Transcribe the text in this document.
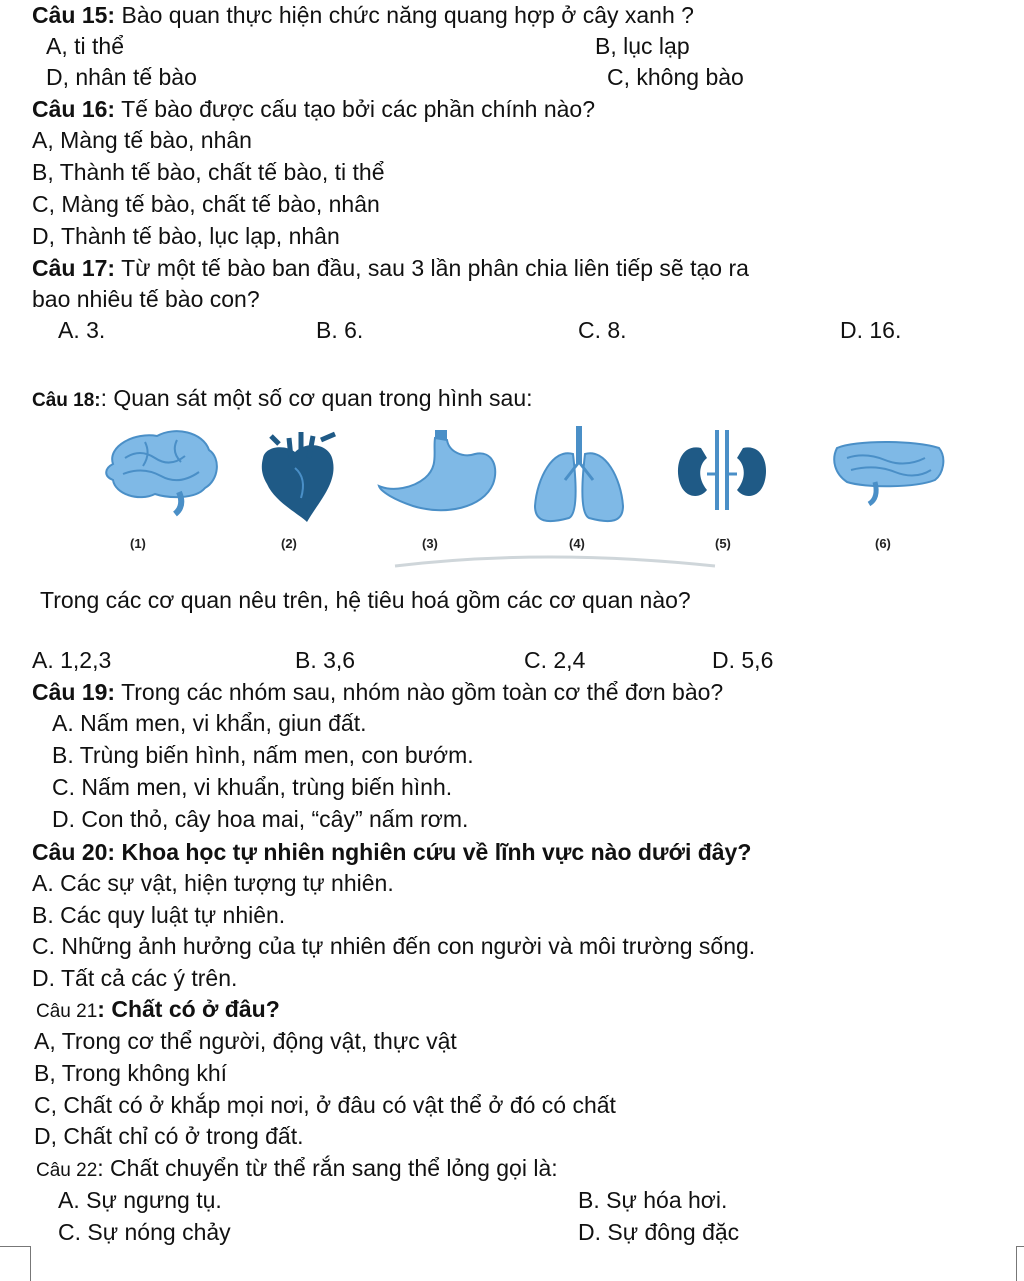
Câu 15: Bào quan thực hiện chức năng quang hợp ở cây xanh ?
A, ti thể	B, lục lạp
D, nhân tế bào	C, không bào
Câu 16: Tế bào được cấu tạo bởi các phần chính nào?
A, Màng tế bào, nhân
B, Thành tế bào, chất tế bào, ti thể
C, Màng tế bào, chất tế bào, nhân
D, Thành tế bào, lục lạp, nhân
Câu 17: Từ một tế bào ban đầu, sau 3 lần phân chia liên tiếp sẽ tạo ra
bao nhiêu tế bào con?
A. 3.	B. 6.	C. 8.	D. 16.
Câu 18:: Quan sát một số cơ quan trong hình sau:
(1)	(2)	(3)	(4)	(5)	(6)
Trong các cơ quan nêu trên, hệ tiêu hoá gồm các cơ quan nào?
A. 1,2,3	B. 3,6	C. 2,4	D. 5,6
Câu 19: Trong các nhóm sau, nhóm nào gồm toàn cơ thể đơn bào?
A. Nấm men, vi khẩn, giun đất.
B. Trùng biến hình, nấm men, con bướm.
C. Nấm men, vi khuẩn, trùng biến hình.
D. Con thỏ, cây hoa mai, “cây” nấm rơm.
Câu 20: Khoa học tự nhiên nghiên cứu về lĩnh vực nào dưới đây?
A. Các sự vật, hiện tượng tự nhiên.
B. Các quy luật tự nhiên.
C. Những ảnh hưởng của tự nhiên đến con người và môi trường sống.
D. Tất cả các ý trên.
Câu 21: Chất có ở đâu?
A, Trong cơ thể người, động vật, thực vật
B, Trong không khí
C, Chất có ở khắp mọi nơi, ở đâu có vật thể ở đó có chất
D, Chất chỉ có ở trong đất.
Câu 22: Chất chuyển từ thể rắn sang thể lỏng gọi là:
A. Sự ngưng tụ.	B. Sự hóa hơi.
C. Sự nóng chảy	D. Sự đông đặc
